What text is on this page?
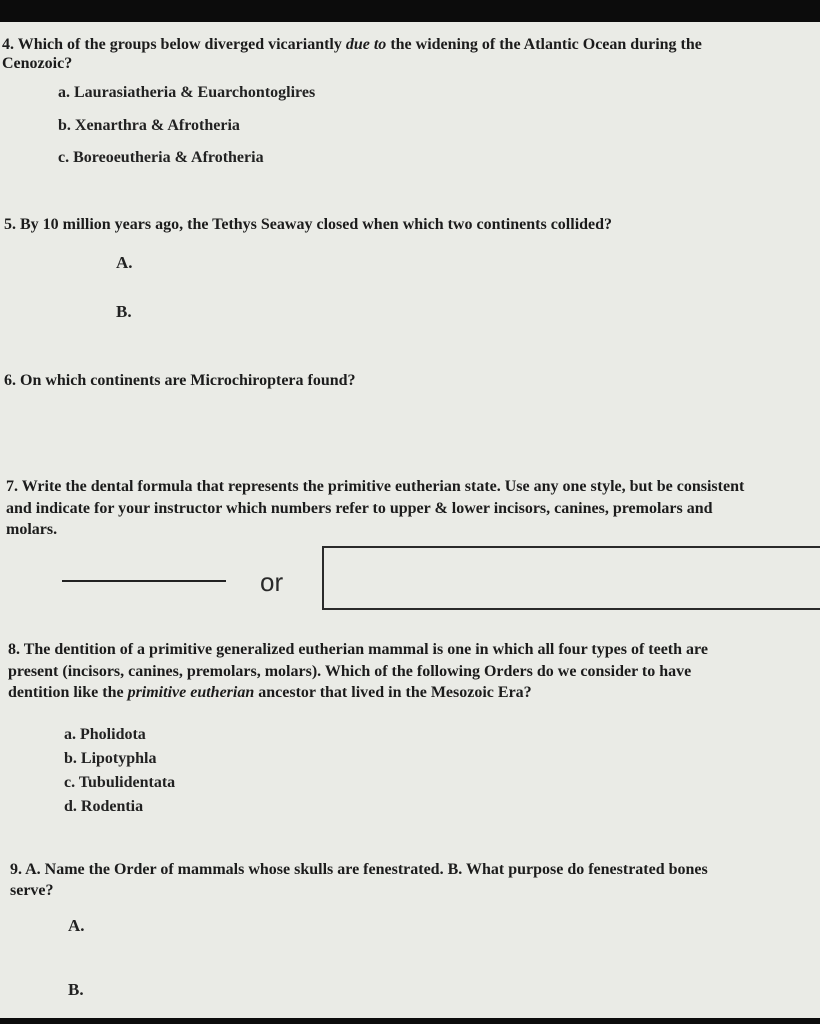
4. Which of the groups below diverged vicariantly due to the widening of the Atlantic Ocean during the
Cenozoic?
a. Laurasiatheria & Euarchontoglires
b. Xenarthra & Afrotheria
c. Boreoeutheria & Afrotheria
5. By 10 million years ago, the Tethys Seaway closed when which two continents collided?
A.
B.
6. On which continents are Microchiroptera found?
7. Write the dental formula that represents the primitive eutherian state. Use any one style, but be consistent
and indicate for your instructor which numbers refer to upper & lower incisors, canines, premolars and
molars.
or
8. The dentition of a primitive generalized eutherian mammal is one in which all four types of teeth are
present (incisors, canines, premolars, molars). Which of the following Orders do we consider to have
dentition like the primitive eutherian ancestor that lived in the Mesozoic Era?
a. Pholidota
b. Lipotyphla
c. Tubulidentata
d. Rodentia
9. A. Name the Order of mammals whose skulls are fenestrated. B. What purpose do fenestrated bones
serve?
A.
B.
